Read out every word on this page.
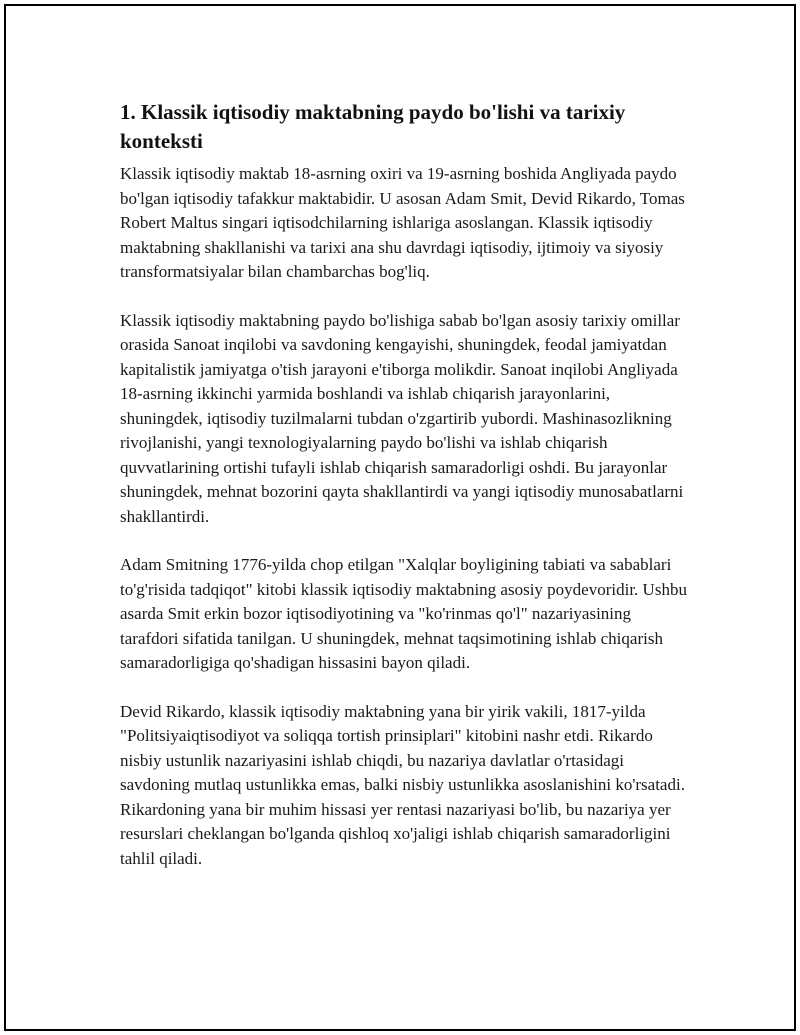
1. Klassik iqtisodiy maktabning paydo bo'lishi va tarixiy konteksti

Klassik iqtisodiy maktab 18-asrning oxiri va 19-asrning boshida Angliyada paydo bo'lgan iqtisodiy tafakkur maktabidir. U asosan Adam Smit, Devid Rikardo, Tomas Robert Maltus singari iqtisodchilarning ishlariga asoslangan. Klassik iqtisodiy maktabning shakllanishi va tarixi ana shu davrdagi iqtisodiy, ijtimoiy va siyosiy transformatsiyalar bilan chambarchas bog'liq.

Klassik iqtisodiy maktabning paydo bo'lishiga sabab bo'lgan asosiy tarixiy omillar orasida Sanoat inqilobi va savdoning kengayishi, shuningdek, feodal jamiyatdan kapitalistik jamiyatga o'tish jarayoni e'tiborga molikdir. Sanoat inqilobi Angliyada 18-asrning ikkinchi yarmida boshlandi va ishlab chiqarish jarayonlarini, shuningdek, iqtisodiy tuzilmalarni tubdan o'zgartirib yubordi. Mashinasozlikning rivojlanishi, yangi texnologiyalarning paydo bo'lishi va ishlab chiqarish quvvatlarining ortishi tufayli ishlab chiqarish samaradorligi oshdi. Bu jarayonlar shuningdek, mehnat bozorini qayta shakllantirdi va yangi iqtisodiy munosabatlarni shakllantirdi.

Adam Smitning 1776-yilda chop etilgan "Xalqlar boyligining tabiati va sabablari to'g'risida tadqiqot" kitobi klassik iqtisodiy maktabning asosiy poydevoridir. Ushbu asarda Smit erkin bozor iqtisodiyotining va "ko'rinmas qo'l" nazariyasining tarafdori sifatida tanilgan. U shuningdek, mehnat taqsimotining ishlab chiqarish samaradorligiga qo'shadigan hissasini bayon qiladi.

Devid Rikardo, klassik iqtisodiy maktabning yana bir yirik vakili, 1817-yilda "Politsiyaiqtisodiyot va soliqqa tortish prinsiplari" kitobini nashr etdi. Rikardo nisbiy ustunlik nazariyasini ishlab chiqdi, bu nazariya davlatlar o'rtasidagi savdoning mutlaq ustunlikka emas, balki nisbiy ustunlikka asoslanishini ko'rsatadi. Rikardoning yana bir muhim hissasi yer rentasi nazariyasi bo'lib, bu nazariya yer resurslari cheklangan bo'lganda qishloq xo'jaligi ishlab chiqarish samaradorligini tahlil qiladi.
